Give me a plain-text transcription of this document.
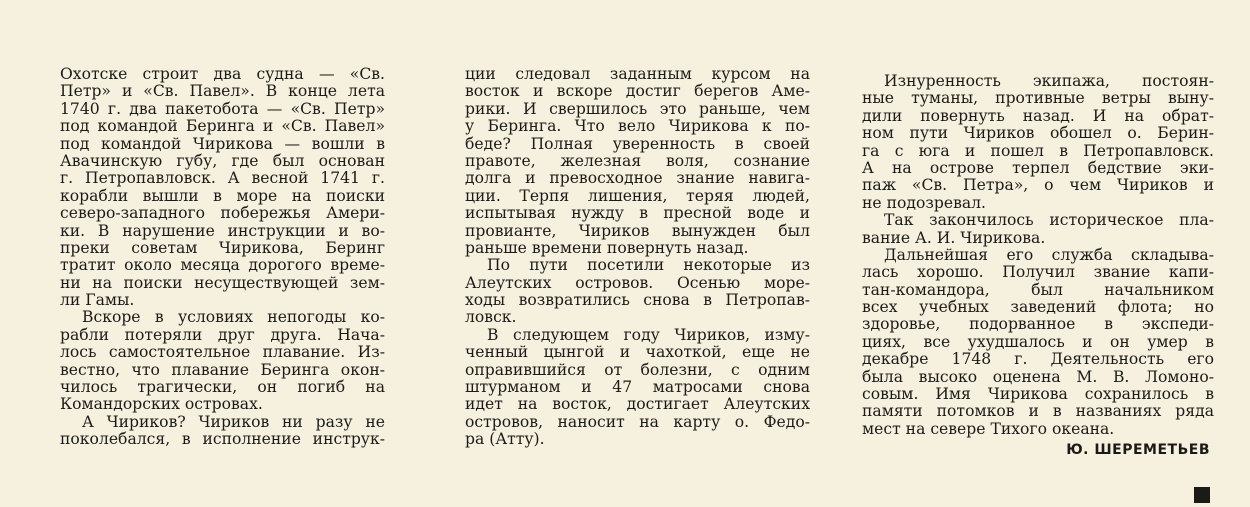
Охотске строит два судна — «Св.
Петр» и «Св. Павел». В конце лета
1740 г. два пакетобота — «Св. Петр»
под командой Беринга и «Св. Павел»
под командой Чирикова — вошли в
Авачинскую губу, где был основан
г. Петропавловск. А весной 1741 г.
корабли вышли в море на поиски
северо-западного побережья Амери-
ки. В нарушение инструкции и во-
преки советам Чирикова, Беринг
тратит около месяца дорогого време-
ни на поиски несуществующей зем-
ли Гамы.
Вскоре в условиях непогоды ко-
рабли потеряли друг друга. Нача-
лось самостоятельное плавание. Из-
вестно, что плавание Беринга окон-
чилось трагически, он погиб на
Командорских островах.
А Чириков? Чириков ни разу не
поколебался, в исполнение инструк-
ции следовал заданным курсом на
восток и вскоре достиг берегов Аме-
рики. И свершилось это раньше, чем
у Беринга. Что вело Чирикова к по-
беде? Полная уверенность в своей
правоте, железная воля, сознание
долга и превосходное знание навига-
ции. Терпя лишения, теряя людей,
испытывая нужду в пресной воде и
провианте, Чириков вынужден был
раньше времени повернуть назад.
По пути посетили некоторые из
Алеутских островов. Осенью море-
ходы возвратились снова в Петропав-
ловск.
В следующем году Чириков, изму-
ченный цынгой и чахоткой, еще не
оправившийся от болезни, с одним
штурманом и 47 матросами снова
идет на восток, достигает Алеутских
островов, наносит на карту о. Федо-
ра (Атту).
Изнуренность экипажа, постоян-
ные туманы, противные ветры выну-
дили повернуть назад. И на обрат-
ном пути Чириков обошел о. Берин-
га с юга и пошел в Петропавловск.
А на острове терпел бедствие эки-
паж «Св. Петра», о чем Чириков и
не подозревал.
Так закончилось историческое пла-
вание А. И. Чирикова.
Дальнейшая его служба складыва-
лась хорошо. Получил звание капи-
тан-командора, был начальником
всех учебных заведений флота; но
здоровье, подорванное в экспеди-
циях, все ухудшалось и он умер в
декабре 1748 г. Деятельность его
была высоко оценена М. В. Ломоно-
совым. Имя Чирикова сохранилось в
памяти потомков и в названиях ряда
мест на севере Тихого океана.
Ю. ШЕРЕМЕТЬЕВ
